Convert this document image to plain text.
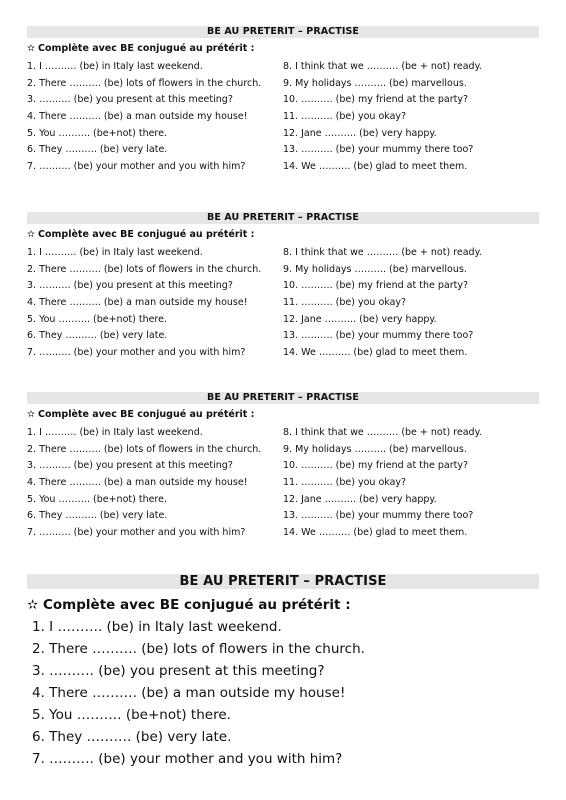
BE AU PRETERIT – PRACTISE
✫ Complète avec BE conjugué au prétérit :
1. I ………. (be) in Italy last weekend.
2. There ………. (be) lots of flowers in the church.
3. ………. (be) you present at this meeting?
4. There ………. (be) a man outside my house!
5. You ………. (be+not) there.
6. They ………. (be) very late.
7. ………. (be) your mother and you with him?
8. I think that we ………. (be + not) ready.
9. My holidays ………. (be) marvellous.
10. ………. (be) my friend at the party?
11. ………. (be) you okay?
12. Jane ………. (be) very happy.
13. ………. (be) your mummy there too?
14. We ………. (be) glad to meet them.
BE AU PRETERIT – PRACTISE
✫ Complète avec BE conjugué au prétérit :
1. I ………. (be) in Italy last weekend.
2. There ………. (be) lots of flowers in the church.
3. ………. (be) you present at this meeting?
4. There ………. (be) a man outside my house!
5. You ………. (be+not) there.
6. They ………. (be) very late.
7. ………. (be) your mother and you with him?
8. I think that we ………. (be + not) ready.
9. My holidays ………. (be) marvellous.
10. ………. (be) my friend at the party?
11. ………. (be) you okay?
12. Jane ………. (be) very happy.
13. ………. (be) your mummy there too?
14. We ………. (be) glad to meet them.
BE AU PRETERIT – PRACTISE
✫ Complète avec BE conjugué au prétérit :
1. I ………. (be) in Italy last weekend.
2. There ………. (be) lots of flowers in the church.
3. ………. (be) you present at this meeting?
4. There ………. (be) a man outside my house!
5. You ………. (be+not) there.
6. They ………. (be) very late.
7. ………. (be) your mother and you with him?
8. I think that we ………. (be + not) ready.
9. My holidays ………. (be) marvellous.
10. ………. (be) my friend at the party?
11. ………. (be) you okay?
12. Jane ………. (be) very happy.
13. ………. (be) your mummy there too?
14. We ………. (be) glad to meet them.
BE AU PRETERIT – PRACTISE
✫ Complète avec BE conjugué au prétérit :
1. I ………. (be) in Italy last weekend.
2. There ………. (be) lots of flowers in the church.
3. ………. (be) you present at this meeting?
4. There ………. (be) a man outside my house!
5. You ………. (be+not) there.
6. They ………. (be) very late.
7. ………. (be) your mother and you with him?
